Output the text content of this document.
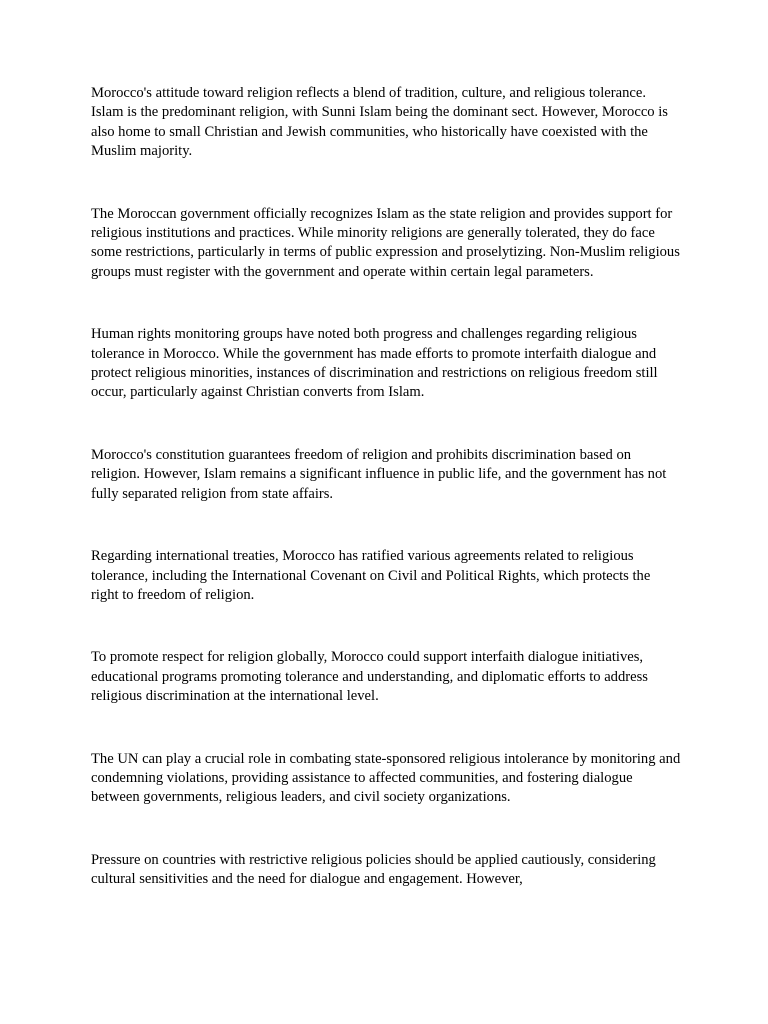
Morocco's attitude toward religion reflects a blend of tradition, culture, and religious tolerance. Islam is the predominant religion, with Sunni Islam being the dominant sect. However, Morocco is also home to small Christian and Jewish communities, who historically have coexisted with the Muslim majority.

The Moroccan government officially recognizes Islam as the state religion and provides support for religious institutions and practices. While minority religions are generally tolerated, they do face some restrictions, particularly in terms of public expression and proselytizing. Non-Muslim religious groups must register with the government and operate within certain legal parameters.

Human rights monitoring groups have noted both progress and challenges regarding religious tolerance in Morocco. While the government has made efforts to promote interfaith dialogue and protect religious minorities, instances of discrimination and restrictions on religious freedom still occur, particularly against Christian converts from Islam.

Morocco's constitution guarantees freedom of religion and prohibits discrimination based on religion. However, Islam remains a significant influence in public life, and the government has not fully separated religion from state affairs.

Regarding international treaties, Morocco has ratified various agreements related to religious tolerance, including the International Covenant on Civil and Political Rights, which protects the right to freedom of religion.

To promote respect for religion globally, Morocco could support interfaith dialogue initiatives, educational programs promoting tolerance and understanding, and diplomatic efforts to address religious discrimination at the international level.

The UN can play a crucial role in combating state-sponsored religious intolerance by monitoring and condemning violations, providing assistance to affected communities, and fostering dialogue between governments, religious leaders, and civil society organizations.

Pressure on countries with restrictive religious policies should be applied cautiously, considering cultural sensitivities and the need for dialogue and engagement. However,
